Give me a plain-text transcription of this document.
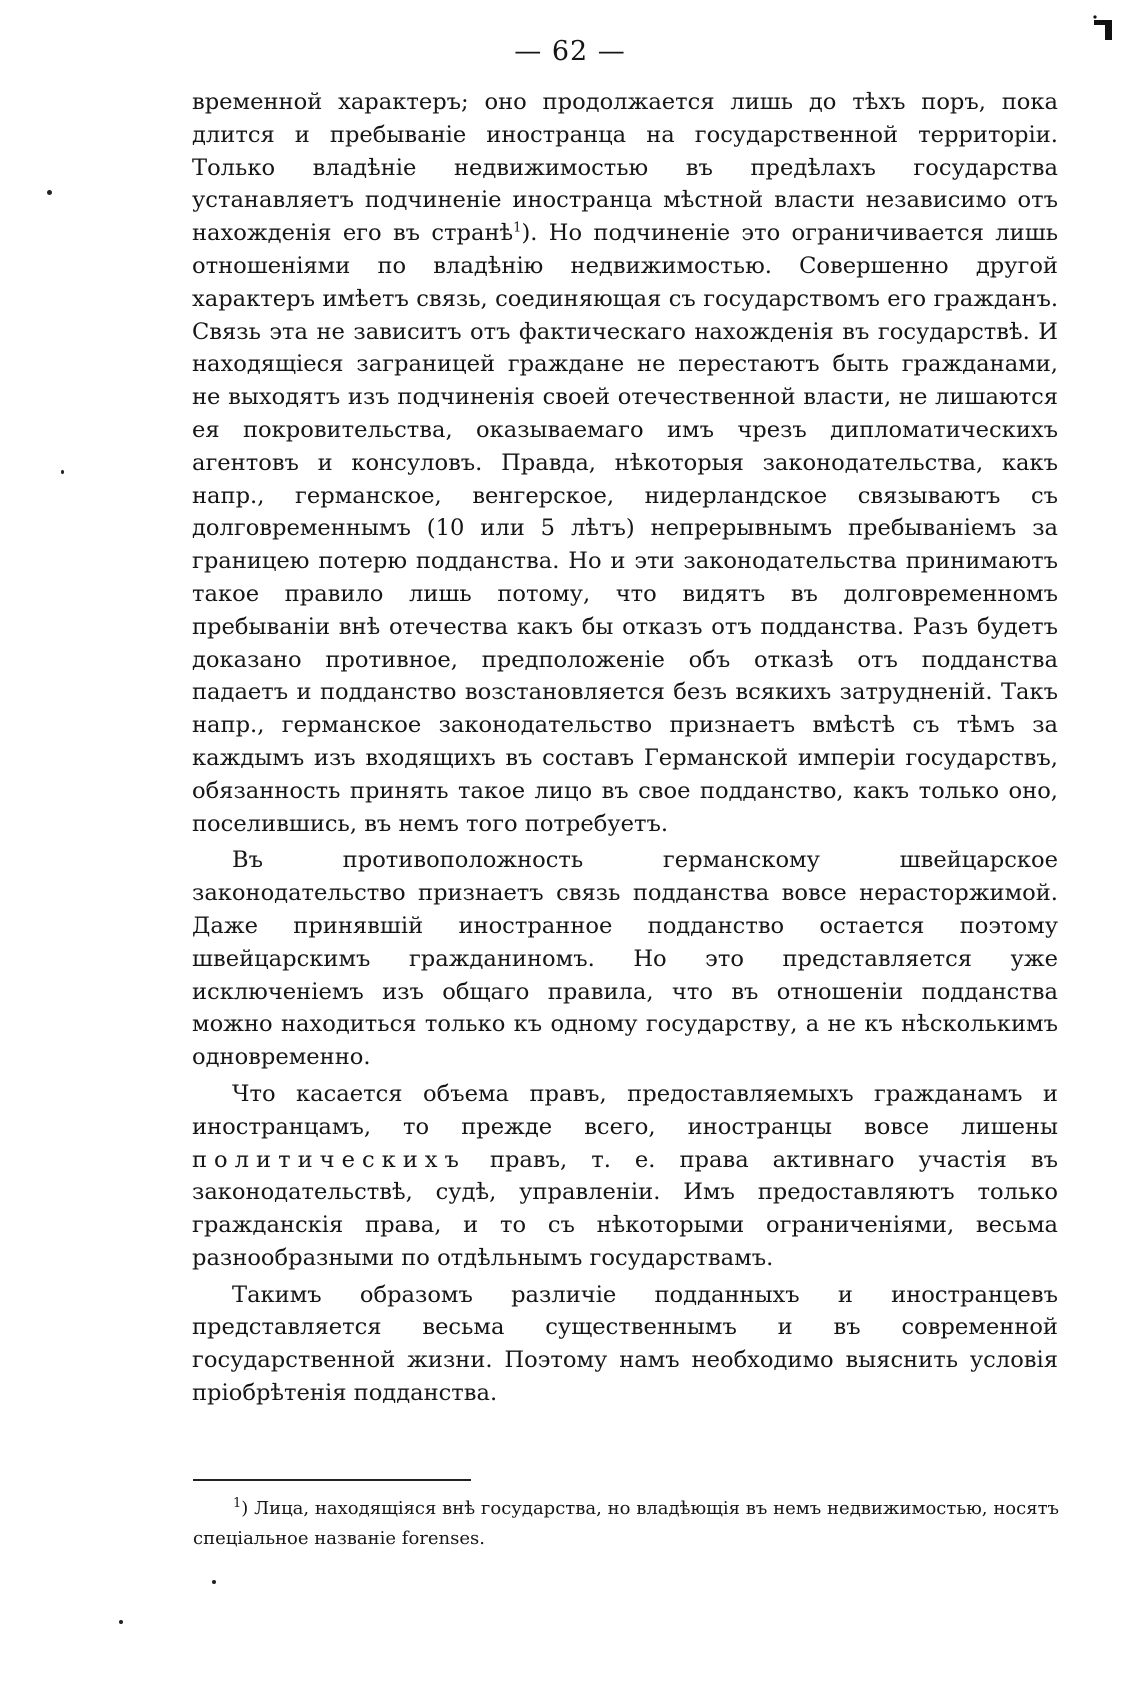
— 62 —

временной характеръ; оно продолжается лишь до тѣхъ поръ, пока длится и пребываніе иностранца на государственной территоріи. Только владѣніе недвижимостью въ предѣлахъ государства устанавляетъ подчиненіе иностранца мѣстной власти независимо отъ нахожденія его въ странѣ$^1$). Но подчиненіе это ограничивается лишь отношеніями по владѣнію недвижимостью. Совершенно другой характеръ имѣетъ связь, соединяющая съ государствомъ его гражданъ. Связь эта не зависитъ отъ фактическаго нахожденія въ государствѣ. И находящіеся заграницей граждане не перестаютъ быть гражданами, не выходятъ изъ подчиненія своей отечественной власти, не лишаются ея покровительства, оказываемаго имъ чрезъ дипломатическихъ агентовъ и консуловъ. Правда, нѣкоторыя законодательства, какъ напр., германское, венгерское, нидерландское связываютъ съ долговременнымъ (10 или 5 лѣтъ) непрерывнымъ пребываніемъ за границею потерю подданства. Но и эти законодательства принимаютъ такое правило лишь потому, что видятъ въ долговременномъ пребываніи внѣ отечества какъ бы отказъ отъ подданства. Разъ будетъ доказано противное, предположеніе объ отказѣ отъ подданства падаетъ и подданство возстановляется безъ всякихъ затрудненій. Такъ напр., германское законодательство признаетъ вмѣстѣ съ тѣмъ за каждымъ изъ входящихъ въ составъ Германской имперіи государствъ, обязанность принять такое лицо въ свое подданство, какъ только оно, поселившись, въ немъ того потребуетъ.

Въ противоположность германскому швейцарское законодательство признаетъ связь подданства вовсе нерасторжимой. Даже принявшій иностранное подданство остается поэтому швейцарскимъ гражданиномъ. Но это представляется уже исключеніемъ изъ общаго правила, что въ отношеніи подданства можно находиться только къ одному государству, а не къ нѣсколькимъ одновременно.

Что касается объема правъ, предоставляемыхъ гражданамъ и иностранцамъ, то прежде всего, иностранцы вовсе лишены политическихъ правъ, т. е. права активнаго участія въ законодательствѣ, судѣ, управленіи. Имъ предоставляютъ только гражданскія права, и то съ нѣкоторыми ограниченіями, весьма разнообразными по отдѣльнымъ государствамъ.

Такимъ образомъ различіе подданныхъ и иностранцевъ представляется весьма существеннымъ и въ современной государственной жизни. Поэтому намъ необходимо выяснить условія пріобрѣтенія подданства.

$^1$) Лица, находящіяся внѣ государства, но владѣющія въ немъ недвижимостью, носятъ спеціальное названіе forenses.
